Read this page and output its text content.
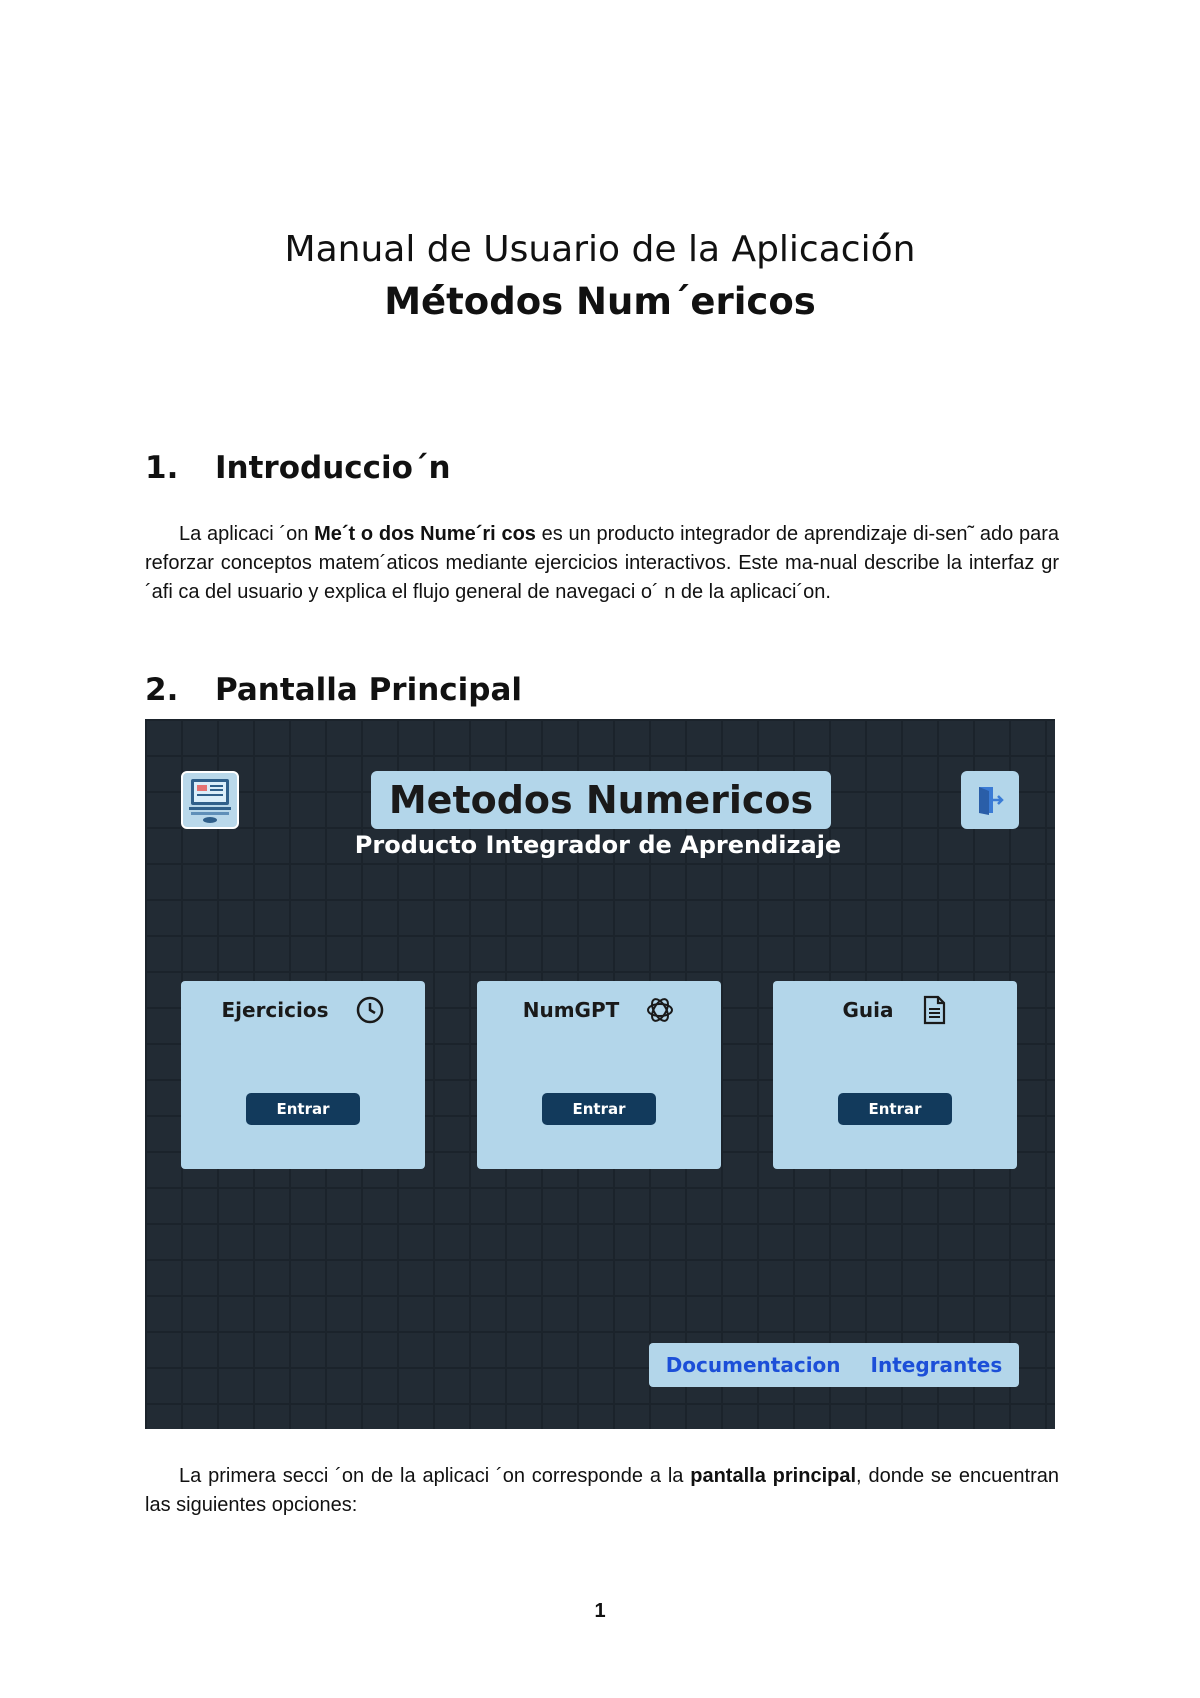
Manual de Usuario de la Aplicació́n
Mé́todos Num´ericos
1. Introduccio´n
La aplicaci ´on Me´t o dos Nume´ri cos es un producto integrador de aprendizaje di-sen˜ ado para reforzar conceptos matem´aticos mediante ejercicios interactivos. Este ma-nual describe la interfaz gr´afi ca del usuario y explica el flujo general de navegaci o´ n de la aplicaci´on.
2. Pantalla Principal
Metodos Numericos
Producto Integrador de Aprendizaje
Ejercicios
Entrar
NumGPT
Entrar
Guia
Entrar
Documentacion Integrantes
La primera secci ´on de la aplicaci ´on corresponde a la pantalla principal, donde se encuentran las siguientes opciones:
1
